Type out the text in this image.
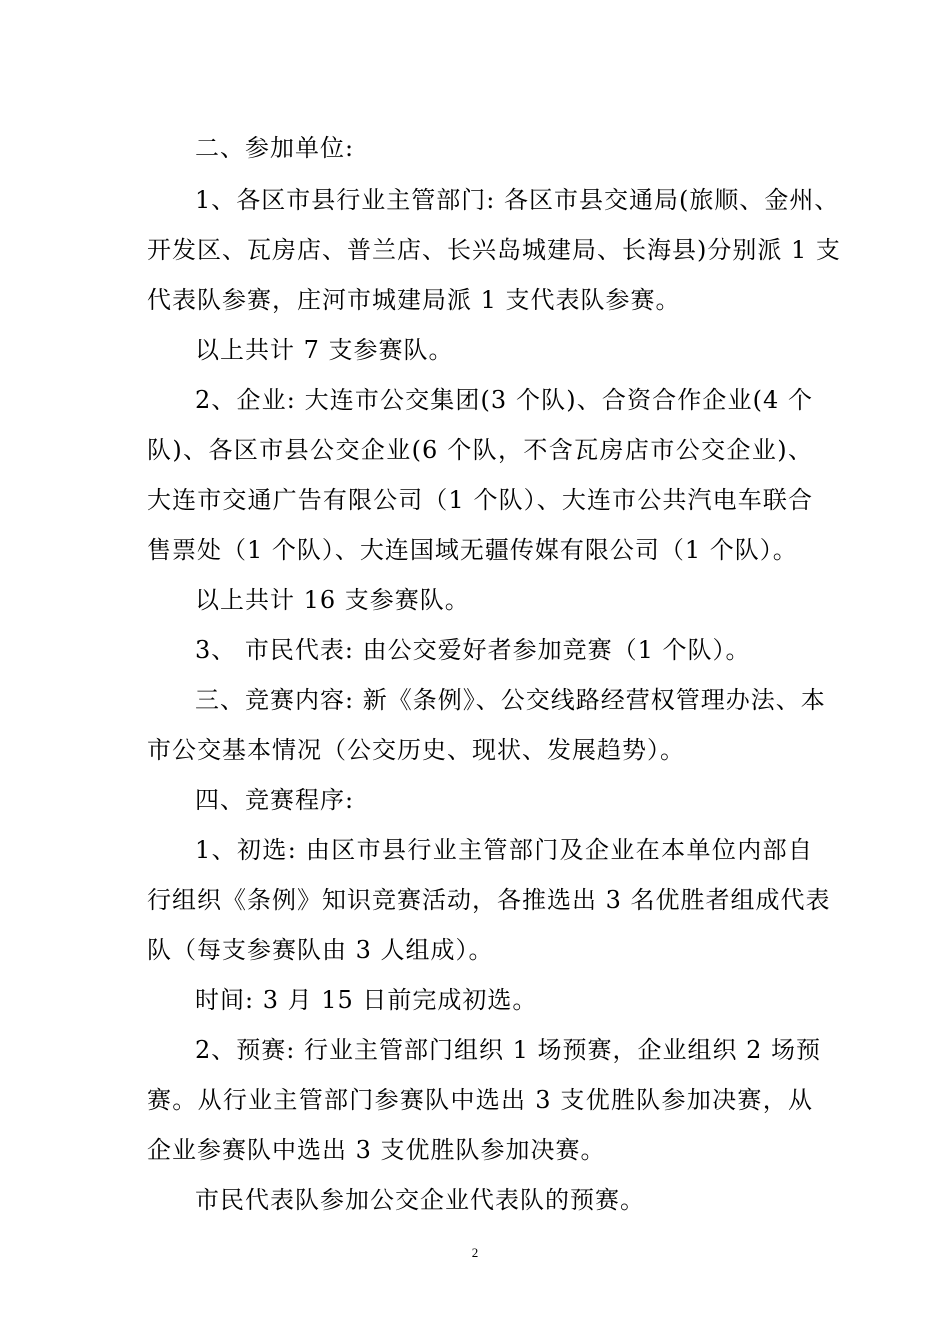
二、参加单位:
1、各区市县行业主管部门: 各区市县交通局(旅顺、金州、
开发区、瓦房店、普兰店、长兴岛城建局、长海县)分别派 1 支
代表队参赛，庄河市城建局派 1 支代表队参赛。
以上共计 7 支参赛队。
2、企业: 大连市公交集团(3 个队)、合资合作企业(4 个
队)、各区市县公交企业(6 个队，不含瓦房店市公交企业)、
大连市交通广告有限公司（1 个队）、大连市公共汽电车联合
售票处（1 个队）、大连国域无疆传媒有限公司（1 个队）。
以上共计 16 支参赛队。
3、 市民代表: 由公交爱好者参加竞赛（1 个队）。
三、竞赛内容: 新《条例》、公交线路经营权管理办法、本
市公交基本情况（公交历史、现状、发展趋势）。
四、竞赛程序:
1、初选: 由区市县行业主管部门及企业在本单位内部自
行组织《条例》知识竞赛活动，各推选出 3 名优胜者组成代表
队（每支参赛队由 3 人组成）。
时间: 3 月 15 日前完成初选。
2、预赛: 行业主管部门组织 1 场预赛，企业组织 2 场预
赛。从行业主管部门参赛队中选出 3 支优胜队参加决赛，从
企业参赛队中选出 3 支优胜队参加决赛。
市民代表队参加公交企业代表队的预赛。
2
